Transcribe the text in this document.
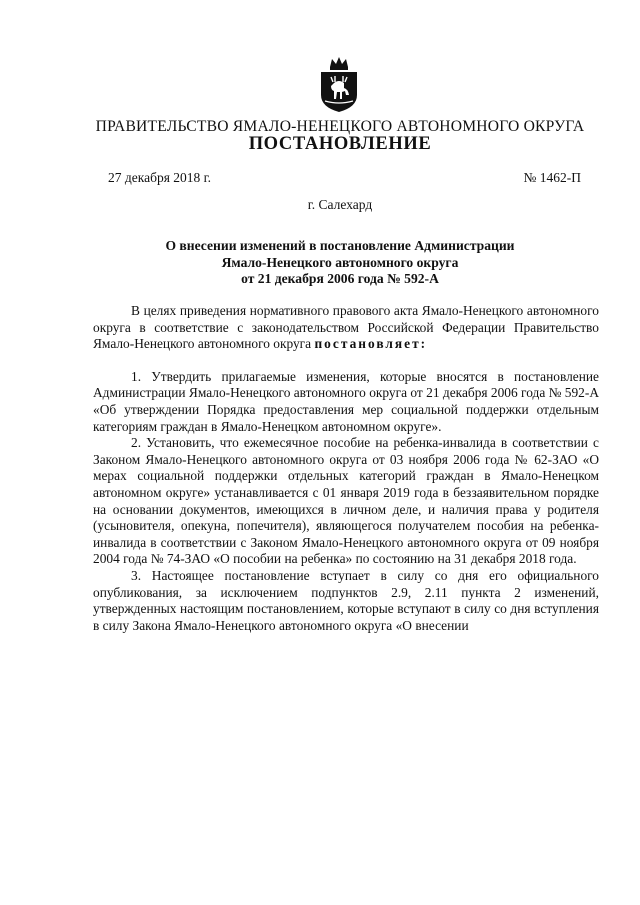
ПРАВИТЕЛЬСТВО ЯМАЛО-НЕНЕЦКОГО АВТОНОМНОГО ОКРУГА
ПОСТАНОВЛЕНИЕ
27 декабря 2018 г.	№ 1462-П
г. Салехард
О внесении изменений в постановление Администрации
Ямало-Ненецкого автономного округа
от 21 декабря 2006 года № 592-А

В целях приведения нормативного правового акта Ямало-Ненецкого автономного округа в соответствие с законодательством Российской Федерации Правительство Ямало-Ненецкого автономного округа постановляет:

1. Утвердить прилагаемые изменения, которые вносятся в постановление Администрации Ямало-Ненецкого автономного округа от 21 декабря 2006 года № 592-А «Об утверждении Порядка предоставления мер социальной поддержки отдельным категориям граждан в Ямало-Ненецком автономном округе».

2. Установить, что ежемесячное пособие на ребенка-инвалида в соответствии с Законом Ямало-Ненецкого автономного округа от 03 ноября 2006 года № 62-ЗАО «О мерах социальной поддержки отдельных категорий граждан в Ямало-Ненецком автономном округе» устанавливается с 01 января 2019 года в беззаявительном порядке на основании документов, имеющихся в личном деле, и наличия права у родителя (усыновителя, опекуна, попечителя), являющегося получателем пособия на ребенка-инвалида в соответствии с Законом Ямало-Ненецкого автономного округа от 09 ноября 2004 года № 74-ЗАО «О пособии на ребенка» по состоянию на 31 декабря 2018 года.

3. Настоящее постановление вступает в силу со дня его официального опубликования, за исключением подпунктов 2.9, 2.11 пункта 2 изменений, утвержденных настоящим постановлением, которые вступают в силу со дня вступления в силу Закона Ямало-Ненецкого автономного округа «О внесении
